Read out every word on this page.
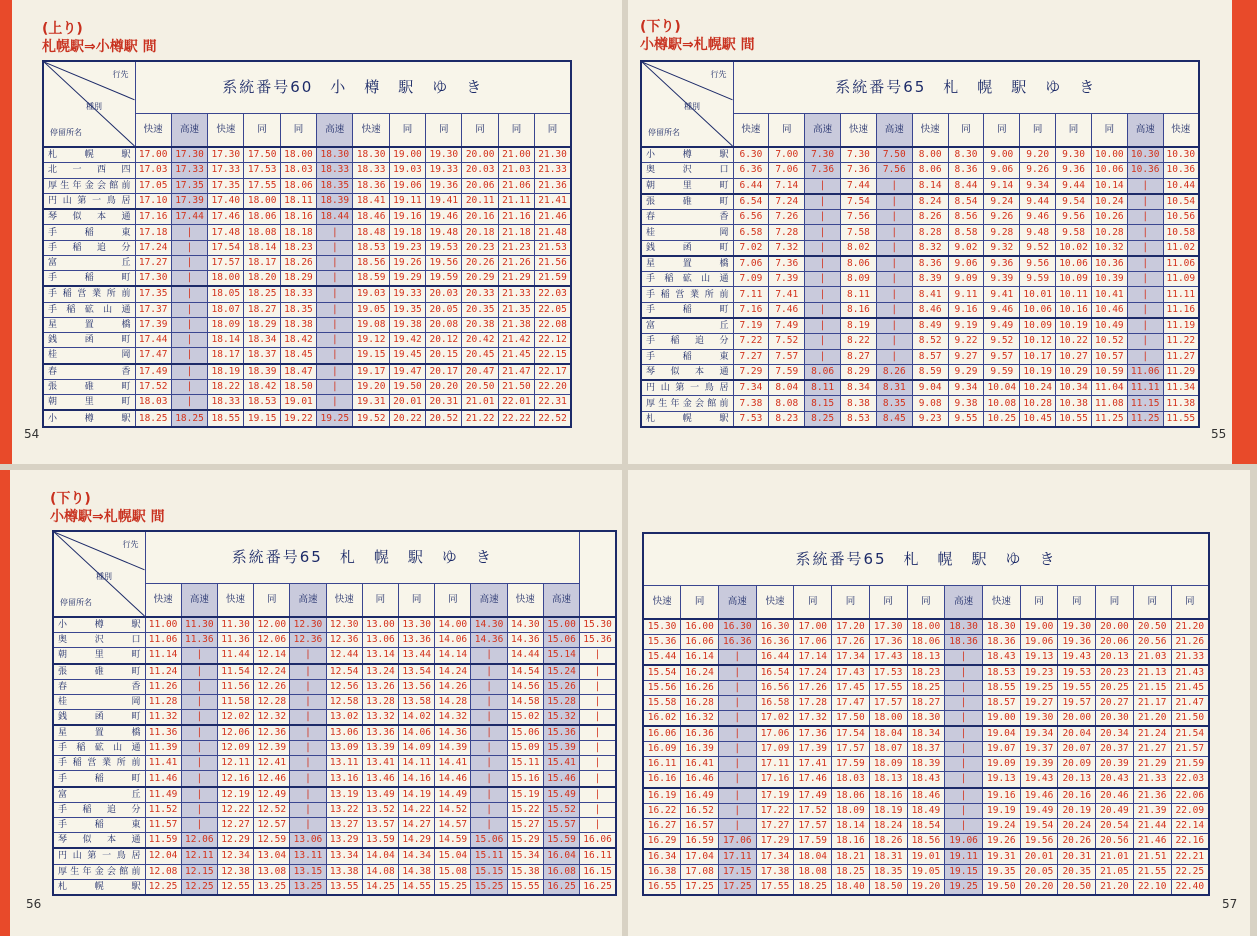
(上り)
札幌駅⇒小樽駅 間
(下り)
小樽駅⇒札幌駅 間
(下り)
小樽駅⇒札幌駅 間
54	55
56	57
行先
種別
停留所名	系統番号60　小　樽　駅　ゆ　き											
	快速	高速	快速	同	同	高速	快速	同	同	同	同	同
札幌駅	17.00	17.30	17.30	17.50	18.00	18.30	18.30	19.00	19.30	20.00	21.00	21.30
北一西四	17.03	17.33	17.33	17.53	18.03	18.33	18.33	19.03	19.33	20.03	21.03	21.33
厚生年金会館前	17.05	17.35	17.35	17.55	18.06	18.35	18.36	19.06	19.36	20.06	21.06	21.36
円山第一鳥居	17.10	17.39	17.40	18.00	18.11	18.39	18.41	19.11	19.41	20.11	21.11	21.41
琴似本通	17.16	17.44	17.46	18.06	18.16	18.44	18.46	19.16	19.46	20.16	21.16	21.46
手稲東	17.18	|	17.48	18.08	18.18	|	18.48	19.18	19.48	20.18	21.18	21.48
手稲追分	17.24	|	17.54	18.14	18.23	|	18.53	19.23	19.53	20.23	21.23	21.53
富丘	17.27	|	17.57	18.17	18.26	|	18.56	19.26	19.56	20.26	21.26	21.56
手稲町	17.30	|	18.00	18.20	18.29	|	18.59	19.29	19.59	20.29	21.29	21.59
手稲営業所前	17.35	|	18.05	18.25	18.33	|	19.03	19.33	20.03	20.33	21.33	22.03
手稲砿山通	17.37	|	18.07	18.27	18.35	|	19.05	19.35	20.05	20.35	21.35	22.05
星置橋	17.39	|	18.09	18.29	18.38	|	19.08	19.38	20.08	20.38	21.38	22.08
銭函町	17.44	|	18.14	18.34	18.42	|	19.12	19.42	20.12	20.42	21.42	22.12
桂岡	17.47	|	18.17	18.37	18.45	|	19.15	19.45	20.15	20.45	21.45	22.15
春香	17.49	|	18.19	18.39	18.47	|	19.17	19.47	20.17	20.47	21.47	22.17
張碓町	17.52	|	18.22	18.42	18.50	|	19.20	19.50	20.20	20.50	21.50	22.20
朝里町	18.03	|	18.33	18.53	19.01	|	19.31	20.01	20.31	21.01	22.01	22.31
小樽駅	18.25	18.25	18.55	19.15	19.22	19.25	19.52	20.22	20.52	21.22	22.22	22.52
行先
種別
停留所名	系統番号65　札　幌　駅　ゆ　き												
	快速	同	高速	快速	高速	快速	同	同	同	同	同	高速	快速
小樽駅	6.30	7.00	7.30	7.30	7.50	8.00	8.30	9.00	9.20	9.30	10.00	10.30	10.30
奥沢口	6.36	7.06	7.36	7.36	7.56	8.06	8.36	9.06	9.26	9.36	10.06	10.36	10.36
朝里町	6.44	7.14	|	7.44	|	8.14	8.44	9.14	9.34	9.44	10.14	|	10.44
張碓町	6.54	7.24	|	7.54	|	8.24	8.54	9.24	9.44	9.54	10.24	|	10.54
春香	6.56	7.26	|	7.56	|	8.26	8.56	9.26	9.46	9.56	10.26	|	10.56
桂岡	6.58	7.28	|	7.58	|	8.28	8.58	9.28	9.48	9.58	10.28	|	10.58
銭函町	7.02	7.32	|	8.02	|	8.32	9.02	9.32	9.52	10.02	10.32	|	11.02
星置橋	7.06	7.36	|	8.06	|	8.36	9.06	9.36	9.56	10.06	10.36	|	11.06
手稲砿山通	7.09	7.39	|	8.09	|	8.39	9.09	9.39	9.59	10.09	10.39	|	11.09
手稲営業所前	7.11	7.41	|	8.11	|	8.41	9.11	9.41	10.01	10.11	10.41	|	11.11
手稲町	7.16	7.46	|	8.16	|	8.46	9.16	9.46	10.06	10.16	10.46	|	11.16
富丘	7.19	7.49	|	8.19	|	8.49	9.19	9.49	10.09	10.19	10.49	|	11.19
手稲追分	7.22	7.52	|	8.22	|	8.52	9.22	9.52	10.12	10.22	10.52	|	11.22
手稲東	7.27	7.57	|	8.27	|	8.57	9.27	9.57	10.17	10.27	10.57	|	11.27
琴似本通	7.29	7.59	8.06	8.29	8.26	8.59	9.29	9.59	10.19	10.29	10.59	11.06	11.29
円山第一鳥居	7.34	8.04	8.11	8.34	8.31	9.04	9.34	10.04	10.24	10.34	11.04	11.11	11.34
厚生年金会館前	7.38	8.08	8.15	8.38	8.35	9.08	9.38	10.08	10.28	10.38	11.08	11.15	11.38
札幌駅	7.53	8.23	8.25	8.53	8.45	9.23	9.55	10.25	10.45	10.55	11.25	11.25	11.55
行先
種別
停留所名	系統番号65　札　幌　駅　ゆ　き												
	快速	高速	快速	同	高速	快速	同	同	同	高速	快速	高速	
小樽駅	11.00	11.30	11.30	12.00	12.30	12.30	13.00	13.30	14.00	14.30	14.30	15.00	15.30
奥沢口	11.06	11.36	11.36	12.06	12.36	12.36	13.06	13.36	14.06	14.36	14.36	15.06	15.36
朝里町	11.14	|	11.44	12.14	|	12.44	13.14	13.44	14.14	|	14.44	15.14	|
張碓町	11.24	|	11.54	12.24	|	12.54	13.24	13.54	14.24	|	14.54	15.24	|
春香	11.26	|	11.56	12.26	|	12.56	13.26	13.56	14.26	|	14.56	15.26	|
桂岡	11.28	|	11.58	12.28	|	12.58	13.28	13.58	14.28	|	14.58	15.28	|
銭函町	11.32	|	12.02	12.32	|	13.02	13.32	14.02	14.32	|	15.02	15.32	|
星置橋	11.36	|	12.06	12.36	|	13.06	13.36	14.06	14.36	|	15.06	15.36	|
手稲砿山通	11.39	|	12.09	12.39	|	13.09	13.39	14.09	14.39	|	15.09	15.39	|
手稲営業所前	11.41	|	12.11	12.41	|	13.11	13.41	14.11	14.41	|	15.11	15.41	|
手稲町	11.46	|	12.16	12.46	|	13.16	13.46	14.16	14.46	|	15.16	15.46	|
富丘	11.49	|	12.19	12.49	|	13.19	13.49	14.19	14.49	|	15.19	15.49	|
手稲追分	11.52	|	12.22	12.52	|	13.22	13.52	14.22	14.52	|	15.22	15.52	|
手稲東	11.57	|	12.27	12.57	|	13.27	13.57	14.27	14.57	|	15.27	15.57	|
琴似本通	11.59	12.06	12.29	12.59	13.06	13.29	13.59	14.29	14.59	15.06	15.29	15.59	16.06
円山第一鳥居	12.04	12.11	12.34	13.04	13.11	13.34	14.04	14.34	15.04	15.11	15.34	16.04	16.11
厚生年金会館前	12.08	12.15	12.38	13.08	13.15	13.38	14.08	14.38	15.08	15.15	15.38	16.08	16.15
札幌駅	12.25	12.25	12.55	13.25	13.25	13.55	14.25	14.55	15.25	15.25	15.55	16.25	16.25
系統番号65　札　幌　駅　ゆ　き														
快速	同	高速	快速	同	同	同	同	高速	快速	同	同	同	同	同
15.30	16.00	16.30	16.30	17.00	17.20	17.30	18.00	18.30	18.30	19.00	19.30	20.00	20.50	21.20
15.36	16.06	16.36	16.36	17.06	17.26	17.36	18.06	18.36	18.36	19.06	19.36	20.06	20.56	21.26
15.44	16.14	|	16.44	17.14	17.34	17.43	18.13	|	18.43	19.13	19.43	20.13	21.03	21.33
15.54	16.24	|	16.54	17.24	17.43	17.53	18.23	|	18.53	19.23	19.53	20.23	21.13	21.43
15.56	16.26	|	16.56	17.26	17.45	17.55	18.25	|	18.55	19.25	19.55	20.25	21.15	21.45
15.58	16.28	|	16.58	17.28	17.47	17.57	18.27	|	18.57	19.27	19.57	20.27	21.17	21.47
16.02	16.32	|	17.02	17.32	17.50	18.00	18.30	|	19.00	19.30	20.00	20.30	21.20	21.50
16.06	16.36	|	17.06	17.36	17.54	18.04	18.34	|	19.04	19.34	20.04	20.34	21.24	21.54
16.09	16.39	|	17.09	17.39	17.57	18.07	18.37	|	19.07	19.37	20.07	20.37	21.27	21.57
16.11	16.41	|	17.11	17.41	17.59	18.09	18.39	|	19.09	19.39	20.09	20.39	21.29	21.59
16.16	16.46	|	17.16	17.46	18.03	18.13	18.43	|	19.13	19.43	20.13	20.43	21.33	22.03
16.19	16.49	|	17.19	17.49	18.06	18.16	18.46	|	19.16	19.46	20.16	20.46	21.36	22.06
16.22	16.52	|	17.22	17.52	18.09	18.19	18.49	|	19.19	19.49	20.19	20.49	21.39	22.09
16.27	16.57	|	17.27	17.57	18.14	18.24	18.54	|	19.24	19.54	20.24	20.54	21.44	22.14
16.29	16.59	17.06	17.29	17.59	18.16	18.26	18.56	19.06	19.26	19.56	20.26	20.56	21.46	22.16
16.34	17.04	17.11	17.34	18.04	18.21	18.31	19.01	19.11	19.31	20.01	20.31	21.01	21.51	22.21
16.38	17.08	17.15	17.38	18.08	18.25	18.35	19.05	19.15	19.35	20.05	20.35	21.05	21.55	22.25
16.55	17.25	17.25	17.55	18.25	18.40	18.50	19.20	19.25	19.50	20.20	20.50	21.20	22.10	22.40
